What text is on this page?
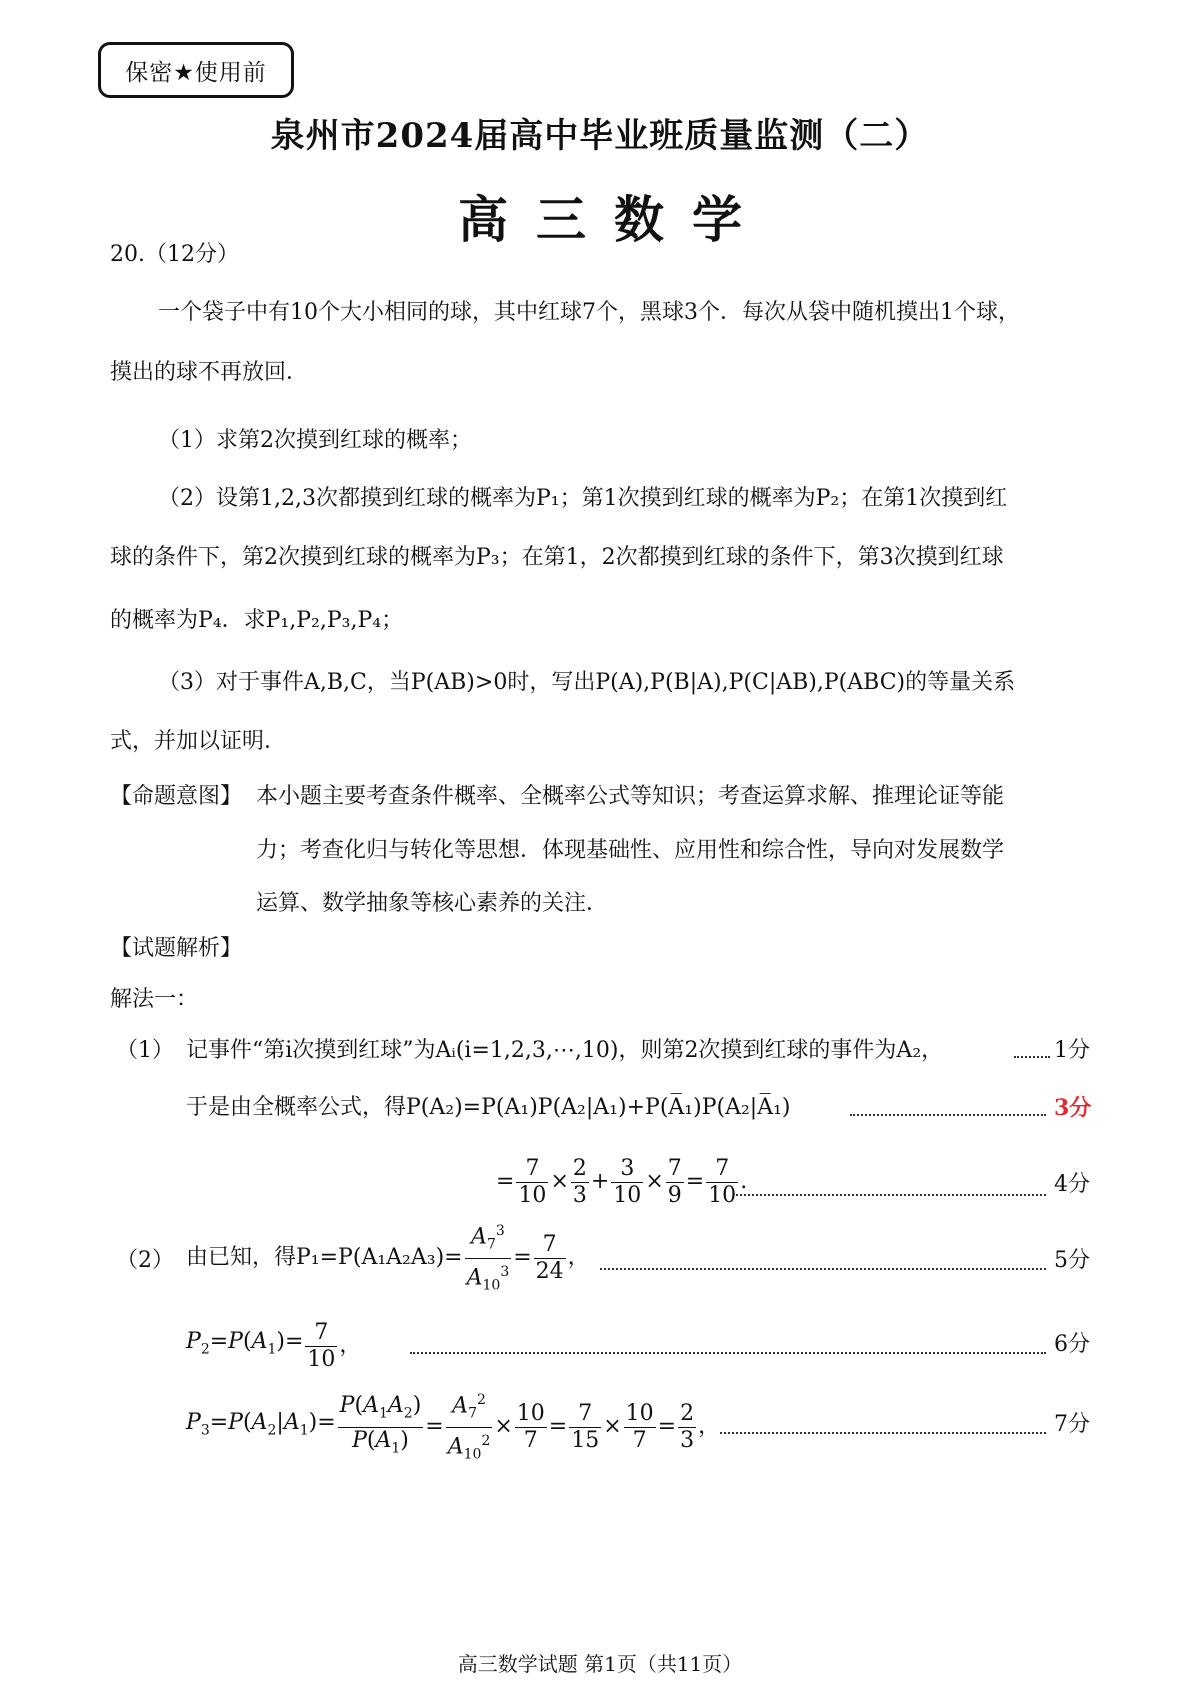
保密★使用前
泉州市2024届高中毕业班质量监测（二）
高三数学
20.（12分）
一个袋子中有10个大小相同的球，其中红球7个，黑球3个．每次从袋中随机摸出1个球，
摸出的球不再放回．
（1）求第2次摸到红球的概率；
（2）设第1,2,3次都摸到红球的概率为P₁；第1次摸到红球的概率为P₂；在第1次摸到红
球的条件下，第2次摸到红球的概率为P₃；在第1，2次都摸到红球的条件下，第3次摸到红球
的概率为P₄．求P₁,P₂,P₃,P₄；
（3）对于事件A,B,C，当P(AB)>0时，写出P(A),P(B|A),P(C|AB),P(ABC)的等量关系
式，并加以证明．
【命题意图】 本小题主要考查条件概率、全概率公式等知识；考查运算求解、推理论证等能
力；考查化归与转化等思想．体现基础性、应用性和综合性，导向对发展数学
运算、数学抽象等核心素养的关注．
【试题解析】
解法一：
（1） 记事件“第i次摸到红球”为Aᵢ(i=1,2,3,⋯,10)，则第2次摸到红球的事件为A₂，	1分
于是由全概率公式，得P(A₂)=P(A₁)P(A₂|A₁)+P(A̅₁)P(A₂|A̅₁)	3分
= $\frac{7}{10} \times \frac{2}{3} + \frac{3}{10} \times \frac{7}{9} = \frac{7}{10}$ .	4分
（2） 由已知，得$P_1=P(A_1A_2A_3)= \frac{A_7^3}{A_{10}^3} = \frac{7}{24}$ ，	5分
$P_2=P(A_1)= \frac{7}{10}$ ，	6分
$P_3=P(A_2|A_1)= \frac{P(A_1A_2)}{P(A_1)} = \frac{A_7^2}{A_{10}^2} \times \frac{10}{7} = \frac{7}{15} \times \frac{10}{7} = \frac{2}{3}$ ，	7分
高三数学试题 第1页（共11页）
